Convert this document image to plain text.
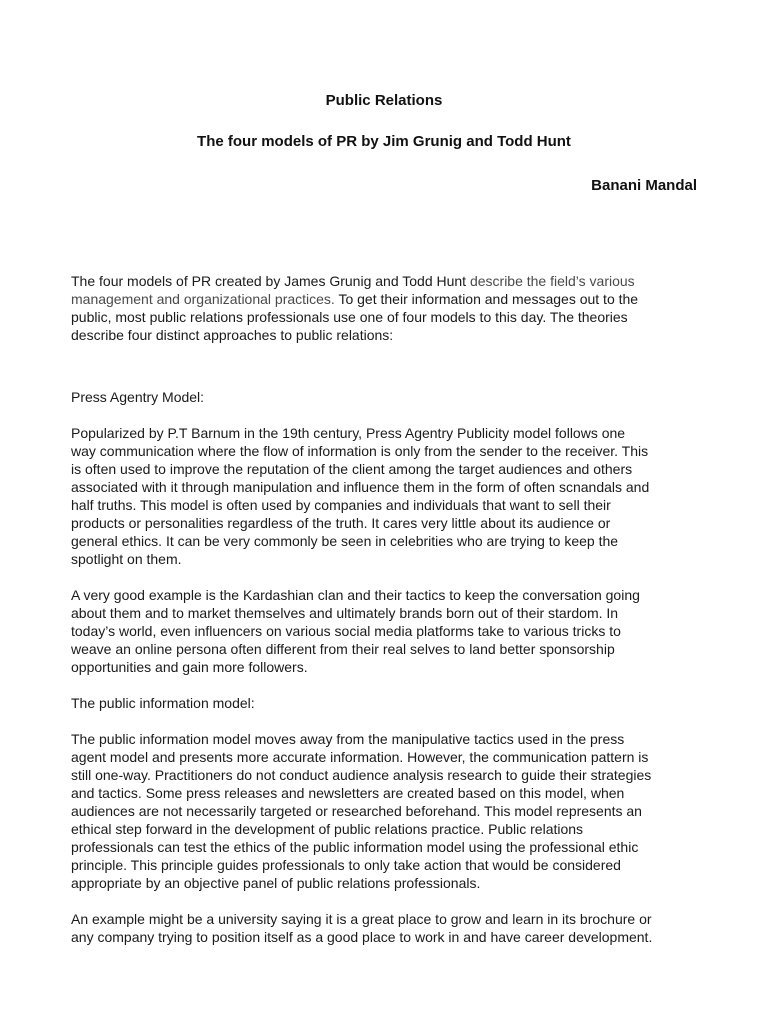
Public Relations
The four models of PR by Jim Grunig and Todd Hunt
Banani Mandal

The four models of PR created by James Grunig and Todd Hunt describe the field’s various
management and organizational practices. To get their information and messages out to the
public, most public relations professionals use one of four models to this day. The theories
describe four distinct approaches to public relations:

Press Agentry Model:

Popularized by P.T Barnum in the 19th century, Press Agentry Publicity model follows one
way communication where the flow of information is only from the sender to the receiver. This
is often used to improve the reputation of the client among the target audiences and others
associated with it through manipulation and influence them in the form of often scnandals and
half truths. This model is often used by companies and individuals that want to sell their
products or personalities regardless of the truth. It cares very little about its audience or
general ethics. It can be very commonly be seen in celebrities who are trying to keep the
spotlight on them.

A very good example is the Kardashian clan and their tactics to keep the conversation going
about them and to market themselves and ultimately brands born out of their stardom. In
today’s world, even influencers on various social media platforms take to various tricks to
weave an online persona often different from their real selves to land better sponsorship
opportunities and gain more followers.

The public information model:

The public information model moves away from the manipulative tactics used in the press
agent model and presents more accurate information. However, the communication pattern is
still one-way. Practitioners do not conduct audience analysis research to guide their strategies
and tactics. Some press releases and newsletters are created based on this model, when
audiences are not necessarily targeted or researched beforehand. This model represents an
ethical step forward in the development of public relations practice. Public relations
professionals can test the ethics of the public information model using the professional ethic
principle. This principle guides professionals to only take action that would be considered
appropriate by an objective panel of public relations professionals.

An example might be a university saying it is a great place to grow and learn in its brochure or
any company trying to position itself as a good place to work in and have career development.
